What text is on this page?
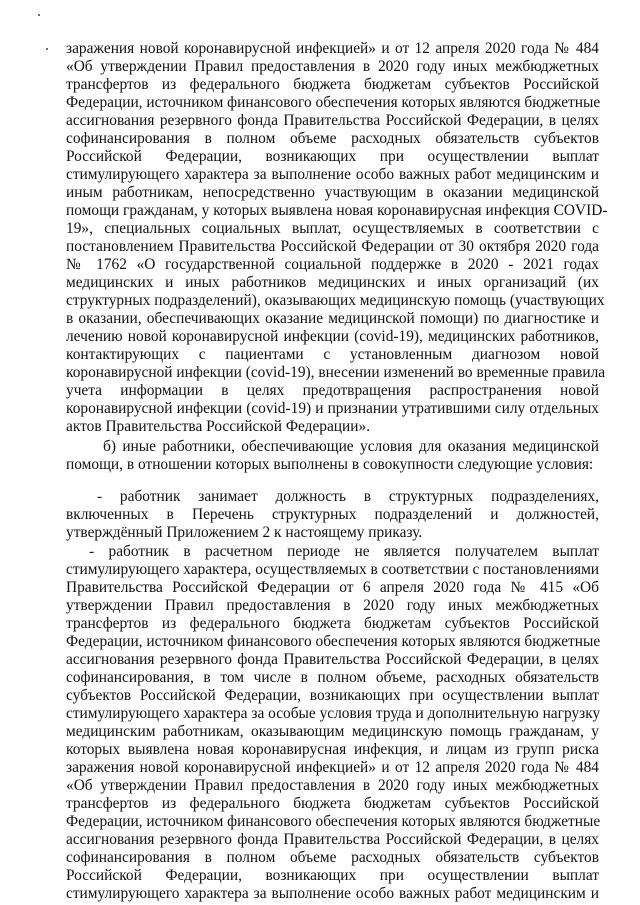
заражения новой коронавирусной инфекцией» и от 12 апреля 2020 года № 484
«Об утверждении Правил предоставления в 2020 году иных межбюджетных
трансфертов из федерального бюджета бюджетам субъектов Российской
Федерации, источником финансового обеспечения которых являются бюджетные
ассигнования резервного фонда Правительства Российской Федерации, в целях
софинансирования в полном объеме расходных обязательств субъектов
Российской Федерации, возникающих при осуществлении выплат
стимулирующего характера за выполнение особо важных работ медицинским и
иным работникам, непосредственно участвующим в оказании медицинской
помощи гражданам, у которых выявлена новая коронавирусная инфекция COVID-
19», специальных социальных выплат, осуществляемых в соответствии с
постановлением Правительства Российской Федерации от 30 октября 2020 года
№ 1762 «О государственной социальной поддержке в 2020 - 2021 годах
медицинских и иных работников медицинских и иных организаций (их
структурных подразделений), оказывающих медицинскую помощь (участвующих
в оказании, обеспечивающих оказание медицинской помощи) по диагностике и
лечению новой коронавирусной инфекции (covid-19), медицинских работников,
контактирующих с пациентами с установленным диагнозом новой
коронавирусной инфекции (covid-19), внесении изменений во временные правила
учета информации в целях предотвращения распространения новой
коронавирусной инфекции (covid-19) и признании утратившими силу отдельных
актов Правительства Российской Федерации».
б) иные работники, обеспечивающие условия для оказания медицинской
помощи, в отношении которых выполнены в совокупности следующие условия:
- работник занимает должность в структурных подразделениях,
включенных в Перечень структурных подразделений и должностей,
утверждённый Приложением 2 к настоящему приказу.
- работник в расчетном периоде не является получателем выплат
стимулирующего характера, осуществляемых в соответствии с постановлениями
Правительства Российской Федерации от 6 апреля 2020 года № 415 «Об
утверждении Правил предоставления в 2020 году иных межбюджетных
трансфертов из федерального бюджета бюджетам субъектов Российской
Федерации, источником финансового обеспечения которых являются бюджетные
ассигнования резервного фонда Правительства Российской Федерации, в целях
софинансирования, в том числе в полном объеме, расходных обязательств
субъектов Российской Федерации, возникающих при осуществлении выплат
стимулирующего характера за особые условия труда и дополнительную нагрузку
медицинским работникам, оказывающим медицинскую помощь гражданам, у
которых выявлена новая коронавирусная инфекция, и лицам из групп риска
заражения новой коронавирусной инфекцией» и от 12 апреля 2020 года № 484
«Об утверждении Правил предоставления в 2020 году иных межбюджетных
трансфертов из федерального бюджета бюджетам субъектов Российской
Федерации, источником финансового обеспечения которых являются бюджетные
ассигнования резервного фонда Правительства Российской Федерации, в целях
софинансирования в полном объеме расходных обязательств субъектов
Российской Федерации, возникающих при осуществлении выплат
стимулирующего характера за выполнение особо важных работ медицинским и
